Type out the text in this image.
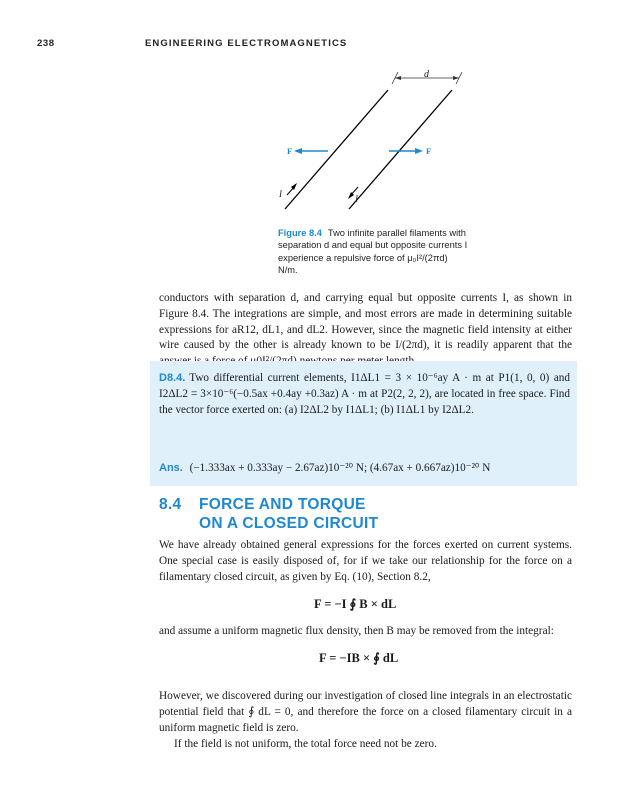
238	ENGINEERING ELECTROMAGNETICS
d
F	F
I	I
Figure 8.4 Two infinite parallel filaments with separation d and equal but opposite currents I experience a repulsive force of μ₀I²/(2πd) N/m.

conductors with separation d, and carrying equal but opposite currents I, as shown in Figure 8.4. The integrations are simple, and most errors are made in determining suitable expressions for aR12, dL1, and dL2. However, since the magnetic field intensity at either wire caused by the other is already known to be I/(2πd), it is readily apparent that the

D8.4. Two differential current elements, I1ΔL1 = 3 × 10⁻⁶ay A · m at P1(1, 0, 0) and I2ΔL2 = 3×10⁻⁶(−0.5ax +0.4ay +0.3az) A · m at P2(2, 2, 2), are located in free space. Find the vector force exerted on: (a) I2ΔL2 by I1ΔL1; (b) I1ΔL1 by I2ΔL2.

Ans. (−1.333ax + 0.333ay − 2.67az)10⁻²⁰ N; (4.67ax + 0.667az)10⁻²⁰ N
8.4 FORCE AND TORQUE
ON A CLOSED CIRCUIT

We have already obtained general expressions for the forces exerted on current systems. One special case is easily disposed of, for if we take our relationship for the force on a filamentary closed circuit, as given by Eq. (10), Section 8.2,

F = −I ∮ B × dL

and assume a uniform magnetic flux density, then B may be removed from the integral:

F = −IB × ∮ dL

However, we discovered during our investigation of closed line integrals in an electrostatic potential field that ∮ dL = 0, and therefore the force on a closed filamentary circuit in a uniform magnetic field is zero.

If the field is not uniform, the total force need not be zero.
